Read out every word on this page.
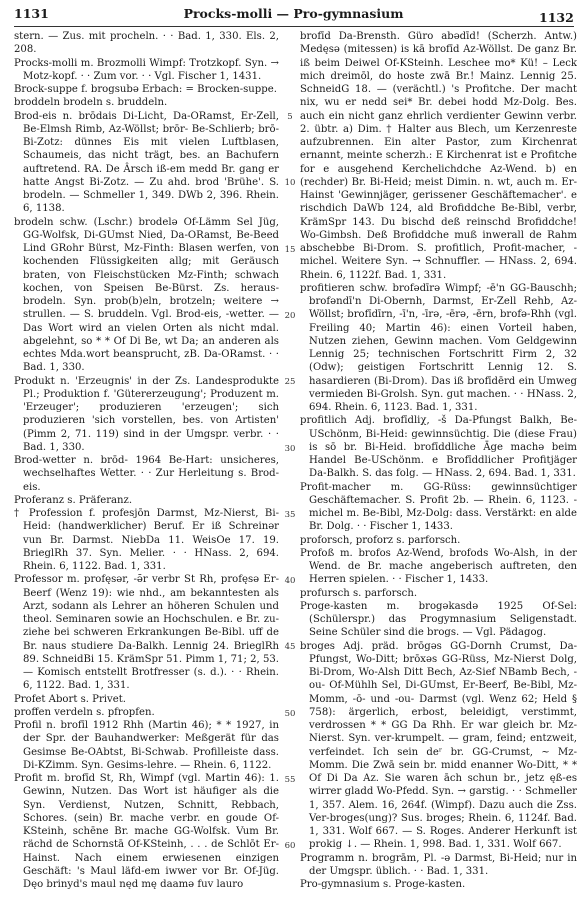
1131	Procks-molli — Pro-gymnasium	1132

stern. — Zus. mit procheln. · · Bad. 1, 330. Els. 2, 208.

Procks-molli m. Brozmolli Wimpf: Trotzkopf. Syn. → Motz-kopf. · · Zum vor. · · Vgl. Fischer 1, 1431.

Brock-suppe f. brogsubə Erbach: = Brocken-suppe.

broddeln brodeln s. bruddeln.

Brod-eis n. brōdais Di-Licht, Da-ORamst, Er-Zell, Be-Elmsh Rimb, Az-Wöllst; brōr- Be-Schlierb; brō- Bi-Zotz: dünnes Eis mit vielen Luftblasen, Schaumeis, das nicht trägt, bes. an Bachufern auftretend. RA. De Ârsch iß-em medd Br. gang er hatte Angst Bi-Zotz. — Zu ahd. brod 'Brühe'. S. brodeln. — Schmeller 1, 349. DWb 2, 396. Rhein. 6, 1138.

brodeln schw. (Lschr.) brodelə Of-Lämm Sel Jüg, GG-Wolfsk, Di-GUmst Nied, Da-ORamst, Be-Beed Lind GRohr Bürst, Mz-Finth: Blasen werfen, von kochenden Flüssigkeiten allg; mit Geräusch braten, von Fleischstücken Mz-Finth; schwach kochen, von Speisen Be-Bürst. Zs. heraus-brodeln. Syn. prob(b)eln, brotzeln; weitere → strullen. — S. bruddeln. Vgl. Brod-eis, -wetter. — Das Wort wird an vielen Orten als nicht mdal. abgelehnt, so * * Of Di Be, wt Da; an anderen als echtes Mda.wort beansprucht, zB. Da-ORamst. · · Bad. 1, 330.

Produkt n. 'Erzeugnis' in der Zs. Landesprodukte Pl.; Produktion f. 'Gütererzeugung'; Produzent m. 'Erzeuger'; produzieren 'erzeugen'; sich produzieren 'sich vorstellen, bes. von Artisten' (Pimm 2, 71. 119) sind in der Umgspr. verbr. · · Bad. 1, 330.

Brod-wetter n. brōd- 1964 Be-Hart: unsicheres, wechselhaftes Wetter. · · Zur Herleitung s. Brod-eis.

Proferanz s. Präferanz.

† Profession f. profesjōn Darmst, Mz-Nierst, Bi-Heid: (handwerklicher) Beruf. Er iß Schreinər vun Br. Darmst. NiebDa 11. WeisOe 17. 19. BrieglRh 37. Syn. Melier. · · HNass. 2, 694. Rhein. 6, 1122. Bad. 1, 331.

Professor m. profęsər, -ə̄r verbr St Rh, profęsə Er-Beerf (Wenz 19): wie nhd., am bekanntesten als Arzt, sodann als Lehrer an höheren Schulen und theol. Seminaren sowie an Hochschulen. e Br. zu-ziehe bei schweren Erkrankungen Be-Bibl. uff de Br. naus studiere Da-Balkh. Lennig 24. BrieglRh 89. SchneidBi 15. KrämSpr 51. Pimm 1, 71; 2, 53. — Komisch entstellt Brotfresser (s. d.). · · Rhein. 6, 1122. Bad. 1, 331.

Profet Abort s. Privet.

proffen verdeln s. pfropfen.

Profil n. brofīl 1912 Rhh (Martin 46); * * 1927, in der Spr. der Bauhandwerker: Meßgerät für das Gesimse Be-OAbtst, Bi-Schwab. Profilleiste dass. Di-KZimm. Syn. Gesims-lehre. — Rhein. 6, 1122.

Profit m. brofīd St, Rh, Wimpf (vgl. Martin 46): 1. Gewinn, Nutzen. Das Wort ist häufiger als die Syn. Verdienst, Nutzen, Schnitt, Rebbach, Schores. (sein) Br. mache verbr. en goude Of-KSteinh, schēne Br. mache GG-Wolfsk. Vum Br. rächd de Schornstā Of-KSteinh, . . . de Schlōt Er-Hainst. Nach einem erwiesenen einzigen Geschäft: 's Maul läfd-em iwwer vor Br. Of-Jüg. Dęo brinyd's maul nęd mę daamə fuv lauro

5
10
15
20
25
30
35
40
45
50
55
60

brofīd Da-Brensth. Güro abədīd! (Scherzh. Antw.) Medęsə (mitessen) is kā brofīd Az-Wöllst. De ganz Br. iß beim Deiwel Of-KSteinh. Leschee mo* Kü! – Leck mich dreimōl, do hoste zwā Br.! Mainz. Lennig 25. SchneidG 18. — (verächtl.) 's Profitche. Der macht nix, wu er nedd sei* Br. debei hodd Mz-Dolg. Bes. auch ein nicht ganz ehrlich verdienter Gewinn verbr. 2. übtr. a) Dim. † Halter aus Blech, um Kerzenreste aufzubrennen. Ein alter Pastor, zum Kirchenrat ernannt, meinte scherzh.: E Kirchenrat ist e Profitche for e ausgehend Kerchelichdche Az-Wend. b) en (rechder) Br. Bi-Heid; meist Dimin. n. wt, auch m. Er-Hainst 'Gewinnjäger, gerissener Geschäftemacher'. e rischdich DaWb 124, ald Brofiddche Be-Bibl, verbr, KrämSpr 143. Du bischd deß reinschd Brofiddche! Wo-Gimbsh. Deß Brofiddche muß inwerall de Rahm abschebbe Bi-Drom. S. profitlich, Profit-macher, -michel. Weitere Syn. → Schnuffler. — HNass. 2, 694. Rhein. 6, 1122f. Bad. 1, 331.

profitieren schw. brofədīrə Wimpf; -ē'n GG-Bauschh; brofəndī'n Di-Obernh, Darmst, Er-Zell Rehb, Az-Wöllst; brofīdīrn, -ī'n, -īrə, -ērə, -ērn, brofə-Rhh (vgl. Freiling 40; Martin 46): einen Vorteil haben, Nutzen ziehen, Gewinn machen. Vom Geldgewinn Lennig 25; technischen Fortschritt Firm 2, 32 (Odw); geistigen Fortschritt Lennig 12. S. hasardieren (Bi-Drom). Das iß brofīdērd ein Umweg vermieden Bi-Grolsh. Syn. gut machen. · · HNass. 2, 694. Rhein. 6, 1123. Bad. 1, 331.

profitlich Adj. brofīdliχ, -š Da-Pfungst Balkh, Be-USchönm, Bi-Heid: gewinnsüchtig. Die (diese Frau) is sō br. Bi-Heid. brofīddliche Āge machə beim Handel Be-USchönm. e Brofīddlicher Profitjäger Da-Balkh. S. das folg. — HNass. 2, 694. Bad. 1, 331.

Profit-macher m. GG-Rüss: gewinnsüchtiger Geschäftemacher. S. Profit 2b. — Rhein. 6, 1123. -michel m. Be-Bibl, Mz-Dolg: dass. Verstärkt: en alde Br. Dolg. · · Fischer 1, 1433.

proforsch, proforz s. parforsch.

Profoß m. brofos Az-Wend, brofods Wo-Alsh, in der Wend. de Br. mache angeberisch auftreten, den Herren spielen. · · Fischer 1, 1433.

profursch s. parforsch.

Proge-kasten m. brogəkasdə 1925 Of-Sel: (Schülerspr.) das Progymnasium Seligenstadt. Seine Schüler sind die brogs. — Vgl. Pädagog.

broges Adj. präd. brōgəs GG-Dornh Crumst, Da-Pfungst, Wo-Ditt; brōxəs GG-Rüss, Mz-Nierst Dolg, Bi-Drom, Wo-Alsh Ditt Bech, Az-Sief NBamb Bech, -ou- Of-Mühlh Sel, Di-GUmst, Er-Beerf, Be-Bibl, Mz-Momm, -ō- und -ou- Darmst (vgl. Wenz 62; Held § 758): ärgerlich, erbost, beleidigt, verstimmt, verdrossen * * GG Da Rhh. Er war gleich br. Mz-Nierst. Syn. ver-krumpelt. — gram, feind; entzweit, verfeindet. Ich sein deʳ br. GG-Crumst, ~ Mz-Momm. Die Zwā sein br. midd enanner Wo-Ditt, * * Of Di Da Az. Sie waren āch schun br., jetz ęß-es wirrer gladd Wo-Pfedd. Syn. → garstig. · · Schmeller 1, 357. Alem. 16, 264f. (Wimpf). Dazu auch die Zss. Ver-broges(ung)? Sus. broges; Rhein. 6, 1124f. Bad. 1, 331. Wolf 667. — S. Roges. Anderer Herkunft ist prokig ↓. — Rhein. 1, 998. Bad. 1, 331. Wolf 667.

Programm n. brogrām, Pl. -ə Darmst, Bi-Heid; nur in der Umgspr. üblich. · · Bad. 1, 331.

Pro-gymnasium s. Proge-kasten.
